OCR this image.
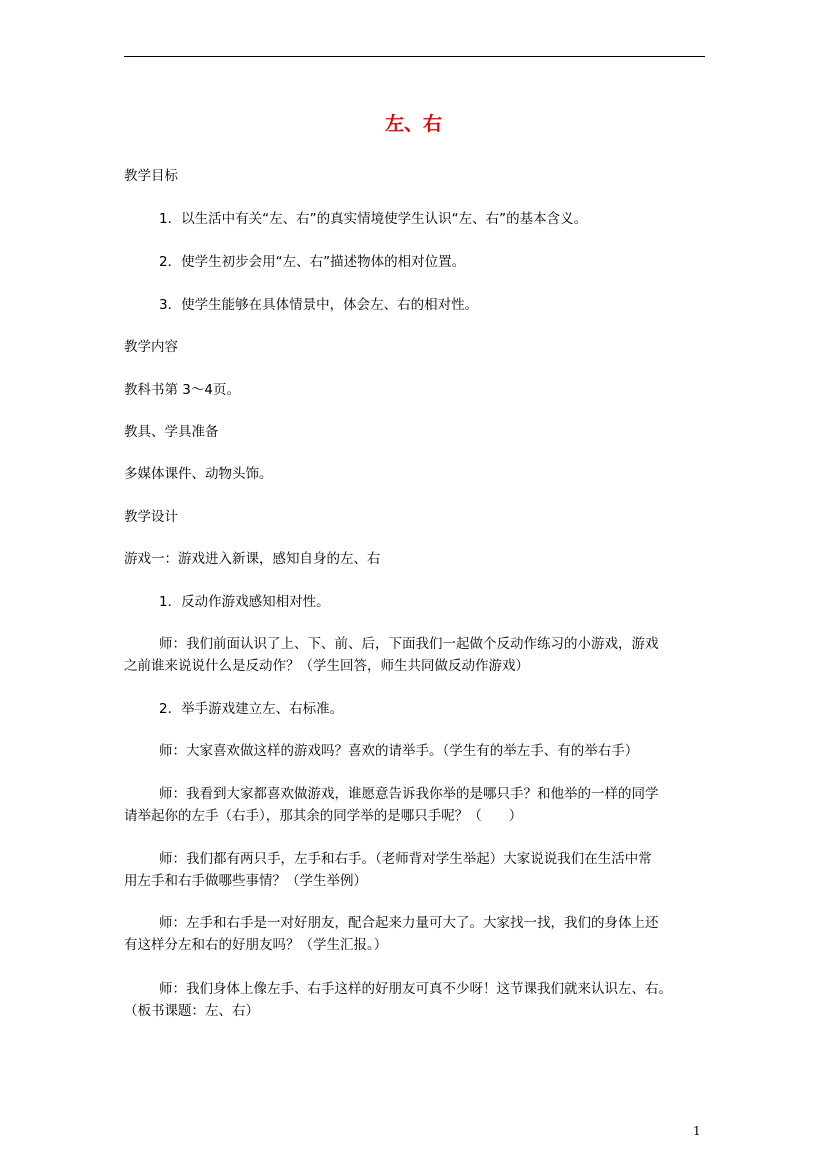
左、右
教学目标
1．以生活中有关“左、右”的真实情境使学生认识“左、右”的基本含义。
2．使学生初步会用“左、右”描述物体的相对位置。
3．使学生能够在具体情景中，体会左、右的相对性。
教学内容
教科书第 3～4页。
教具、学具准备
多媒体课件、动物头饰。
教学设计
游戏一：游戏进入新课，感知自身的左、右
1．反动作游戏感知相对性。
师：我们前面认识了上、下、前、后，下面我们一起做个反动作练习的小游戏，游戏
之前谁来说说什么是反动作？（学生回答，师生共同做反动作游戏）
2．举手游戏建立左、右标准。
师：大家喜欢做这样的游戏吗？喜欢的请举手。（学生有的举左手、有的举右手）
师：我看到大家都喜欢做游戏，谁愿意告诉我你举的是哪只手？和他举的一样的同学
请举起你的左手（右手），那其余的同学举的是哪只手呢？（　　）
师：我们都有两只手，左手和右手。（老师背对学生举起）大家说说我们在生活中常
用左手和右手做哪些事情？（学生举例）
师：左手和右手是一对好朋友，配合起来力量可大了。大家找一找，我们的身体上还
有这样分左和右的好朋友吗？（学生汇报。）
师：我们身体上像左手、右手这样的好朋友可真不少呀！这节课我们就来认识左、右。
（板书课题：左、右）
1
